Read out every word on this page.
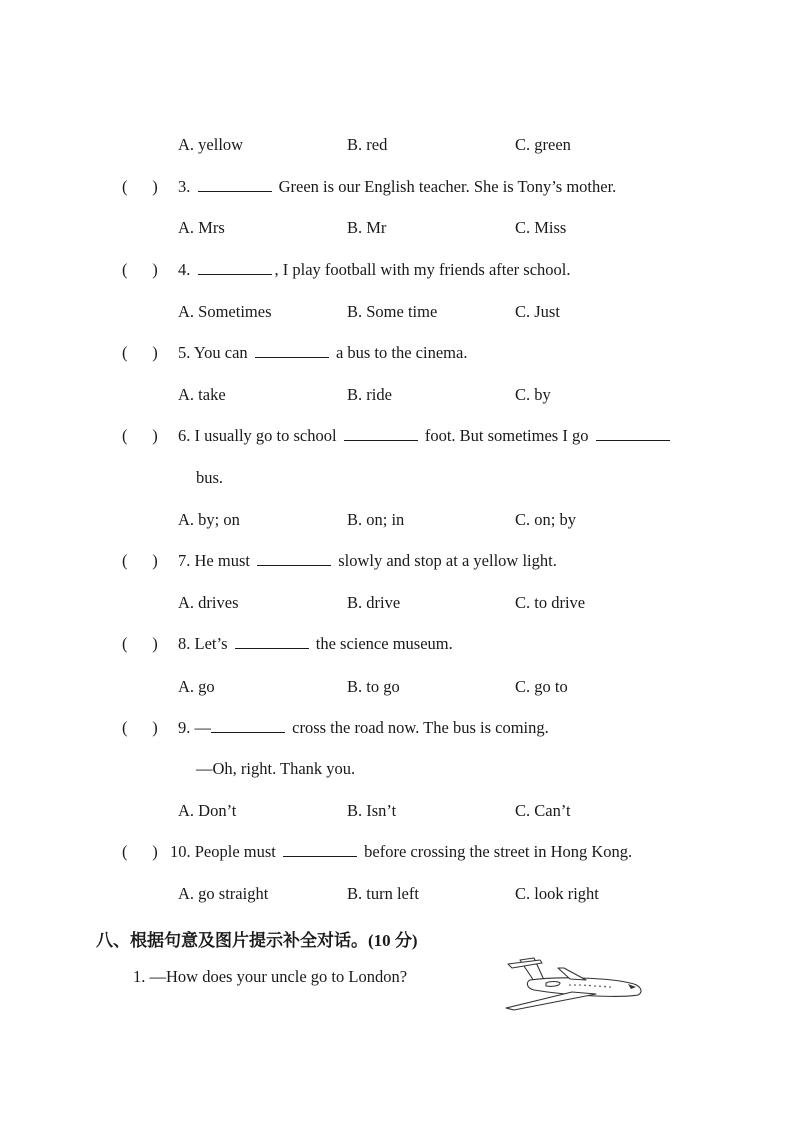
A. yellow	B. red	C. green
(      ) 3.	Green is our English teacher. She is Tony’s mother.
A. Mrs	B. Mr	C. Miss
(      ) 4.	, I play football with my friends after school.
A. Sometimes	B. Some time	C. Just
(      ) 5. You can	a bus to the cinema.
A. take	B. ride	C. by
(      ) 6. I usually go to school	foot. But sometimes I go
bus.
A. by; on	B. on; in	C. on; by
(      ) 7. He must	slowly and stop at a yellow light.
A. drives	B. drive	C. to drive
(      ) 8. Let’s	the science museum.
A. go	B. to go	C. go to
(      ) 9. —	cross the road now. The bus is coming.
—Oh, right. Thank you.
A. Don’t	B. Isn’t	C. Can’t
(      ) 10. People must	before crossing the street in Hong Kong.
A. go straight	B. turn left	C. look right
八、根据句意及图片提示补全对话。(10 分)
1. —How does your uncle go to London?
